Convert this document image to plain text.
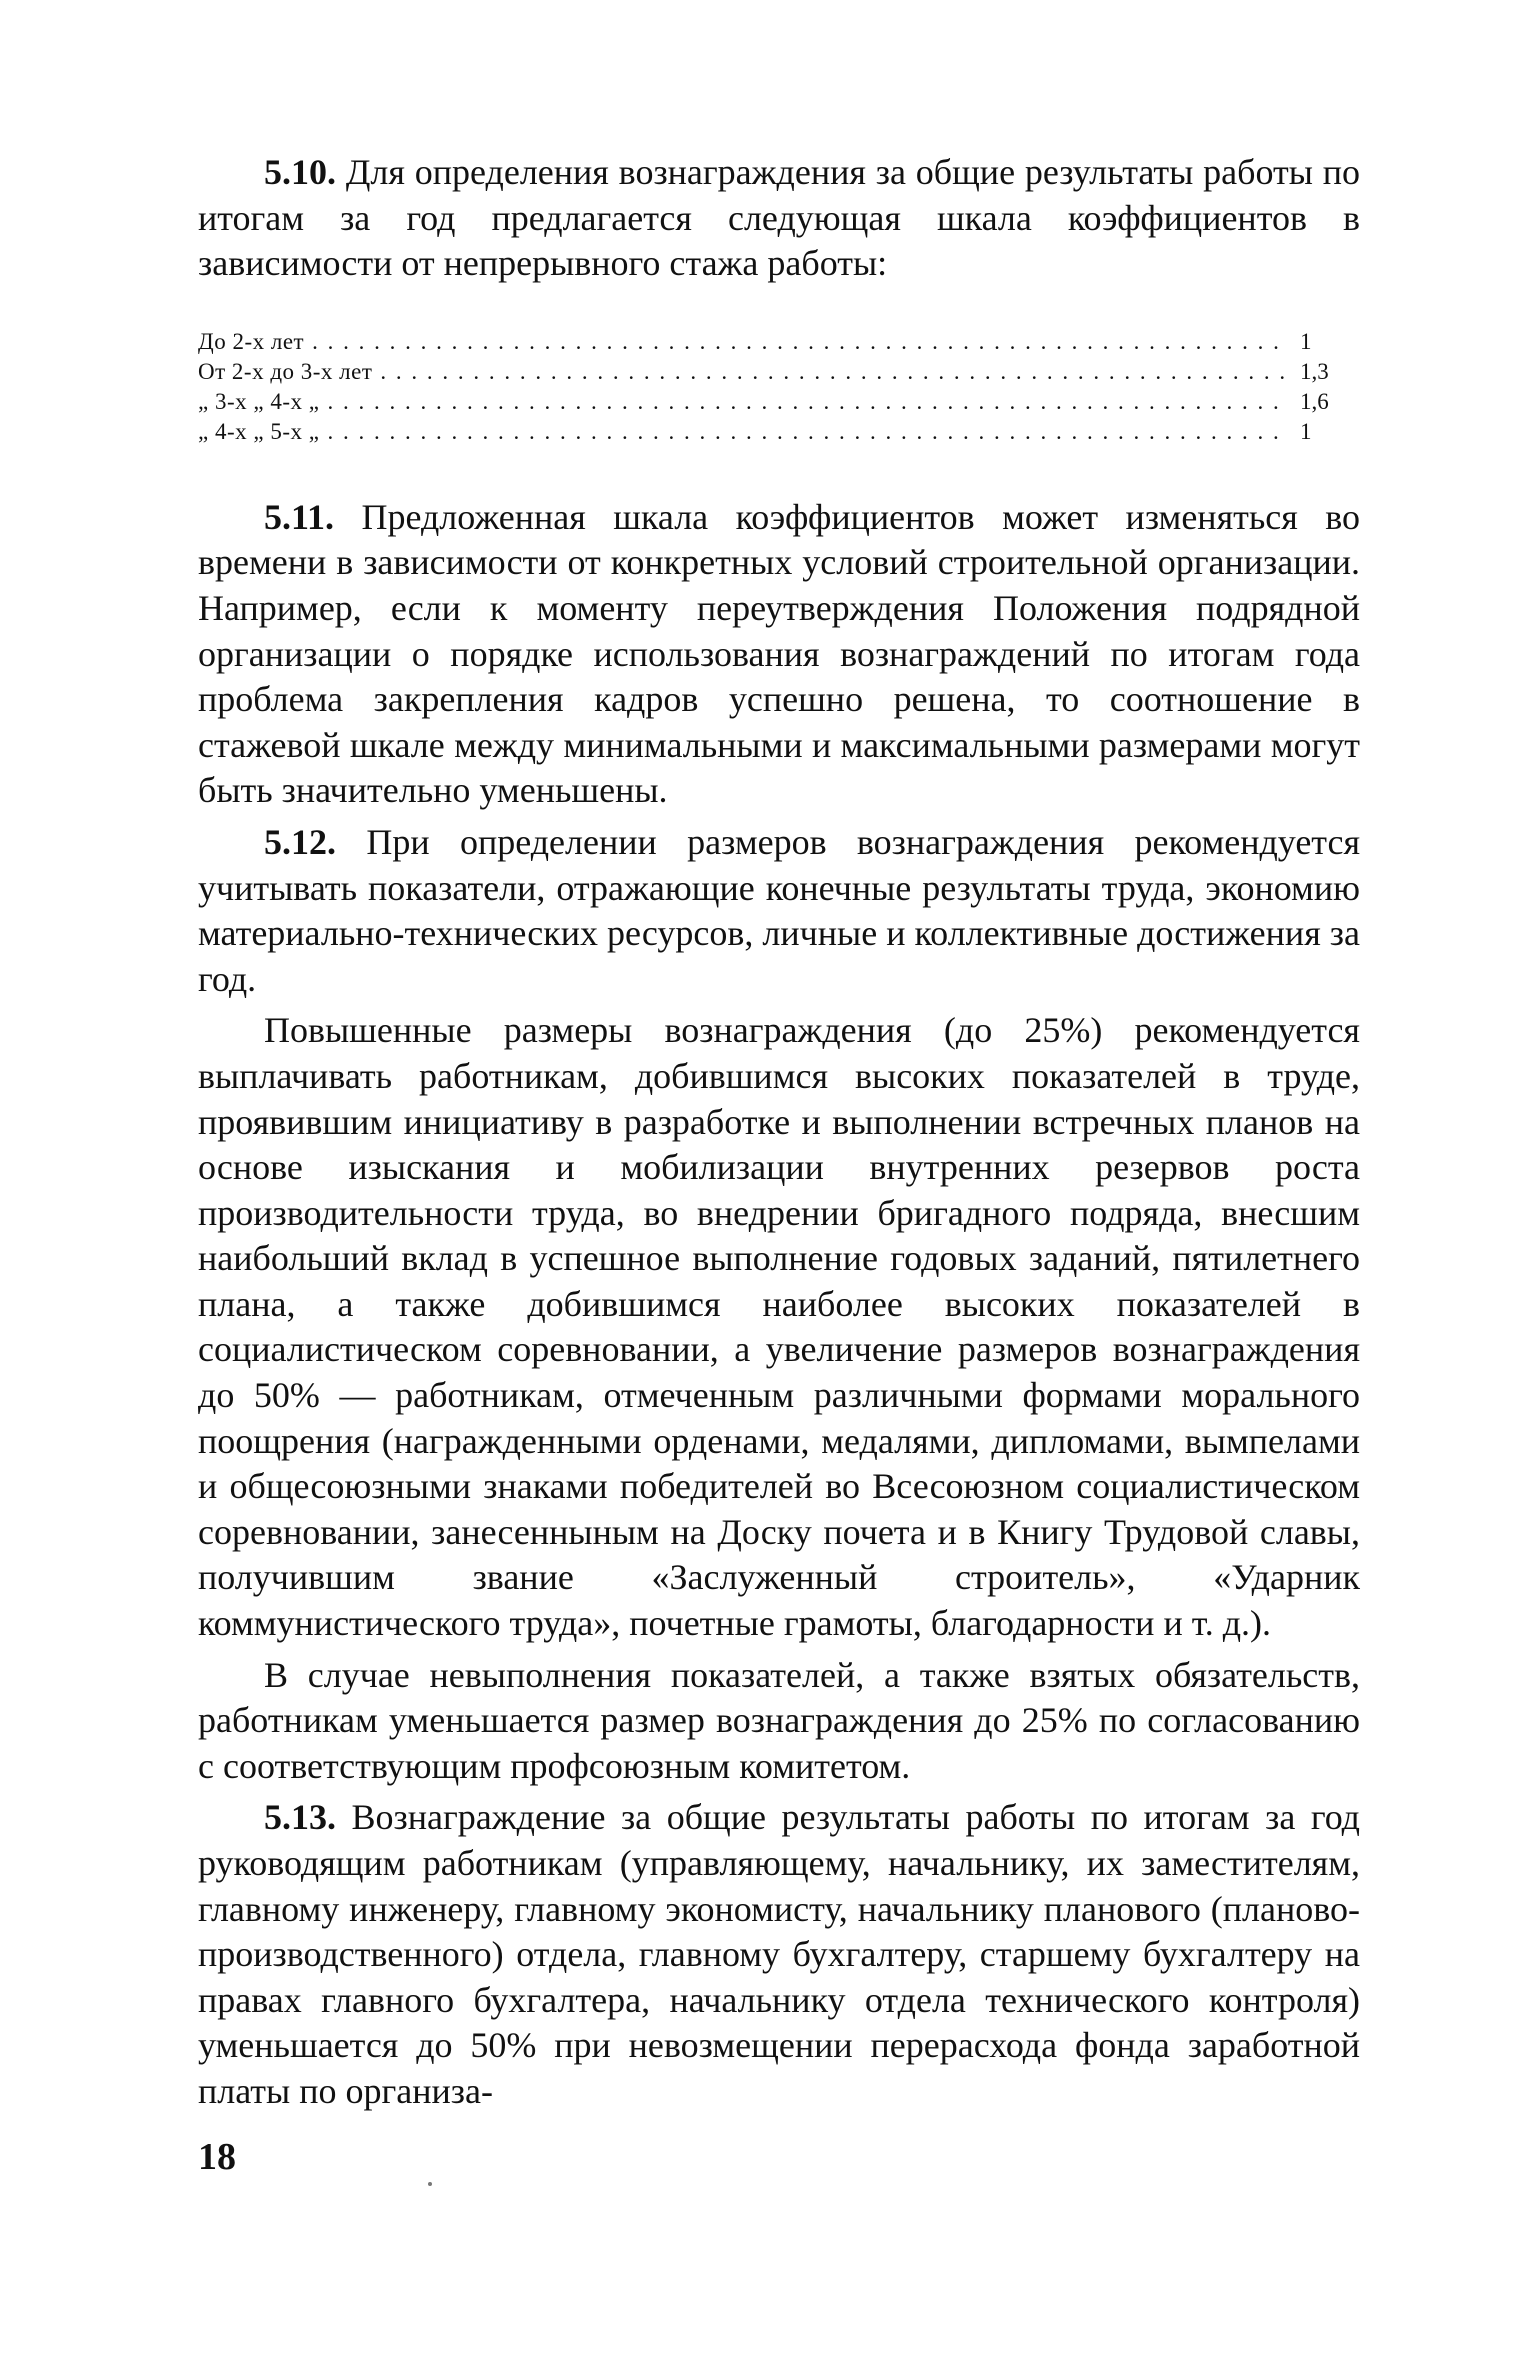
5.10. Для определения вознаграждения за общие результаты работы по итогам за год предлагается следующая шкала коэффициентов в зависимости от непрерывного стажа работы:

До 2-х лет . . .	1
От 2-х до 3-х лет . . .	1,3
„ 3-х „ 4-х „ . . .	1,6
„ 4-х „ 5-х „ . . .	1

5.11. Предложенная шкала коэффициентов может изменяться во времени в зависимости от конкретных условий строительной организации. Например, если к моменту переутверждения Положения подрядной организации о порядке использования вознаграждений по итогам года проблема закрепления кадров успешно решена, то соотношение в стажевой шкале между минимальными и максимальными размерами могут быть значительно уменьшены.

5.12. При определении размеров вознаграждения рекомендуется учитывать показатели, отражающие конечные результаты труда, экономию материально-технических ресурсов, личные и коллективные достижения за год.

Повышенные размеры вознаграждения (до 25%) рекомендуется выплачивать работникам, добившимся высоких показателей в труде, проявившим инициативу в разработке и выполнении встречных планов на основе изыскания и мобилизации внутренних резервов роста производительности труда, во внедрении бригадного подряда, внесшим наибольший вклад в успешное выполнение годовых заданий, пятилетнего плана, а также добившимся наиболее высоких показателей в социалистическом соревновании, а увеличение размеров вознаграждения до 50% — работникам, отмеченным различными формами морального поощрения (награжденными орденами, медалями, дипломами, вымпелами и общесоюзными знаками победителей во Всесоюзном социалистическом соревновании, занесенныным на Доску почета и в Книгу Трудовой славы, получившим звание «Заслуженный строитель», «Ударник коммунистического труда», почетные грамоты, благодарности и т. д.).

В случае невыполнения показателей, а также взятых обязательств, работникам уменьшается размер вознаграждения до 25% по согласованию с соответствующим профсоюзным комитетом.

5.13. Вознаграждение за общие результаты работы по итогам за год руководящим работникам (управляющему, начальнику, их заместителям, главному инженеру, главному экономисту, начальнику планового (планово-производственного) отдела, главному бухгалтеру, старшему бухгалтеру на правах главного бухгалтера, начальнику отдела технического контроля) уменьшается до 50% при невозмещении перерасхода фонда заработной платы по организа-

18
